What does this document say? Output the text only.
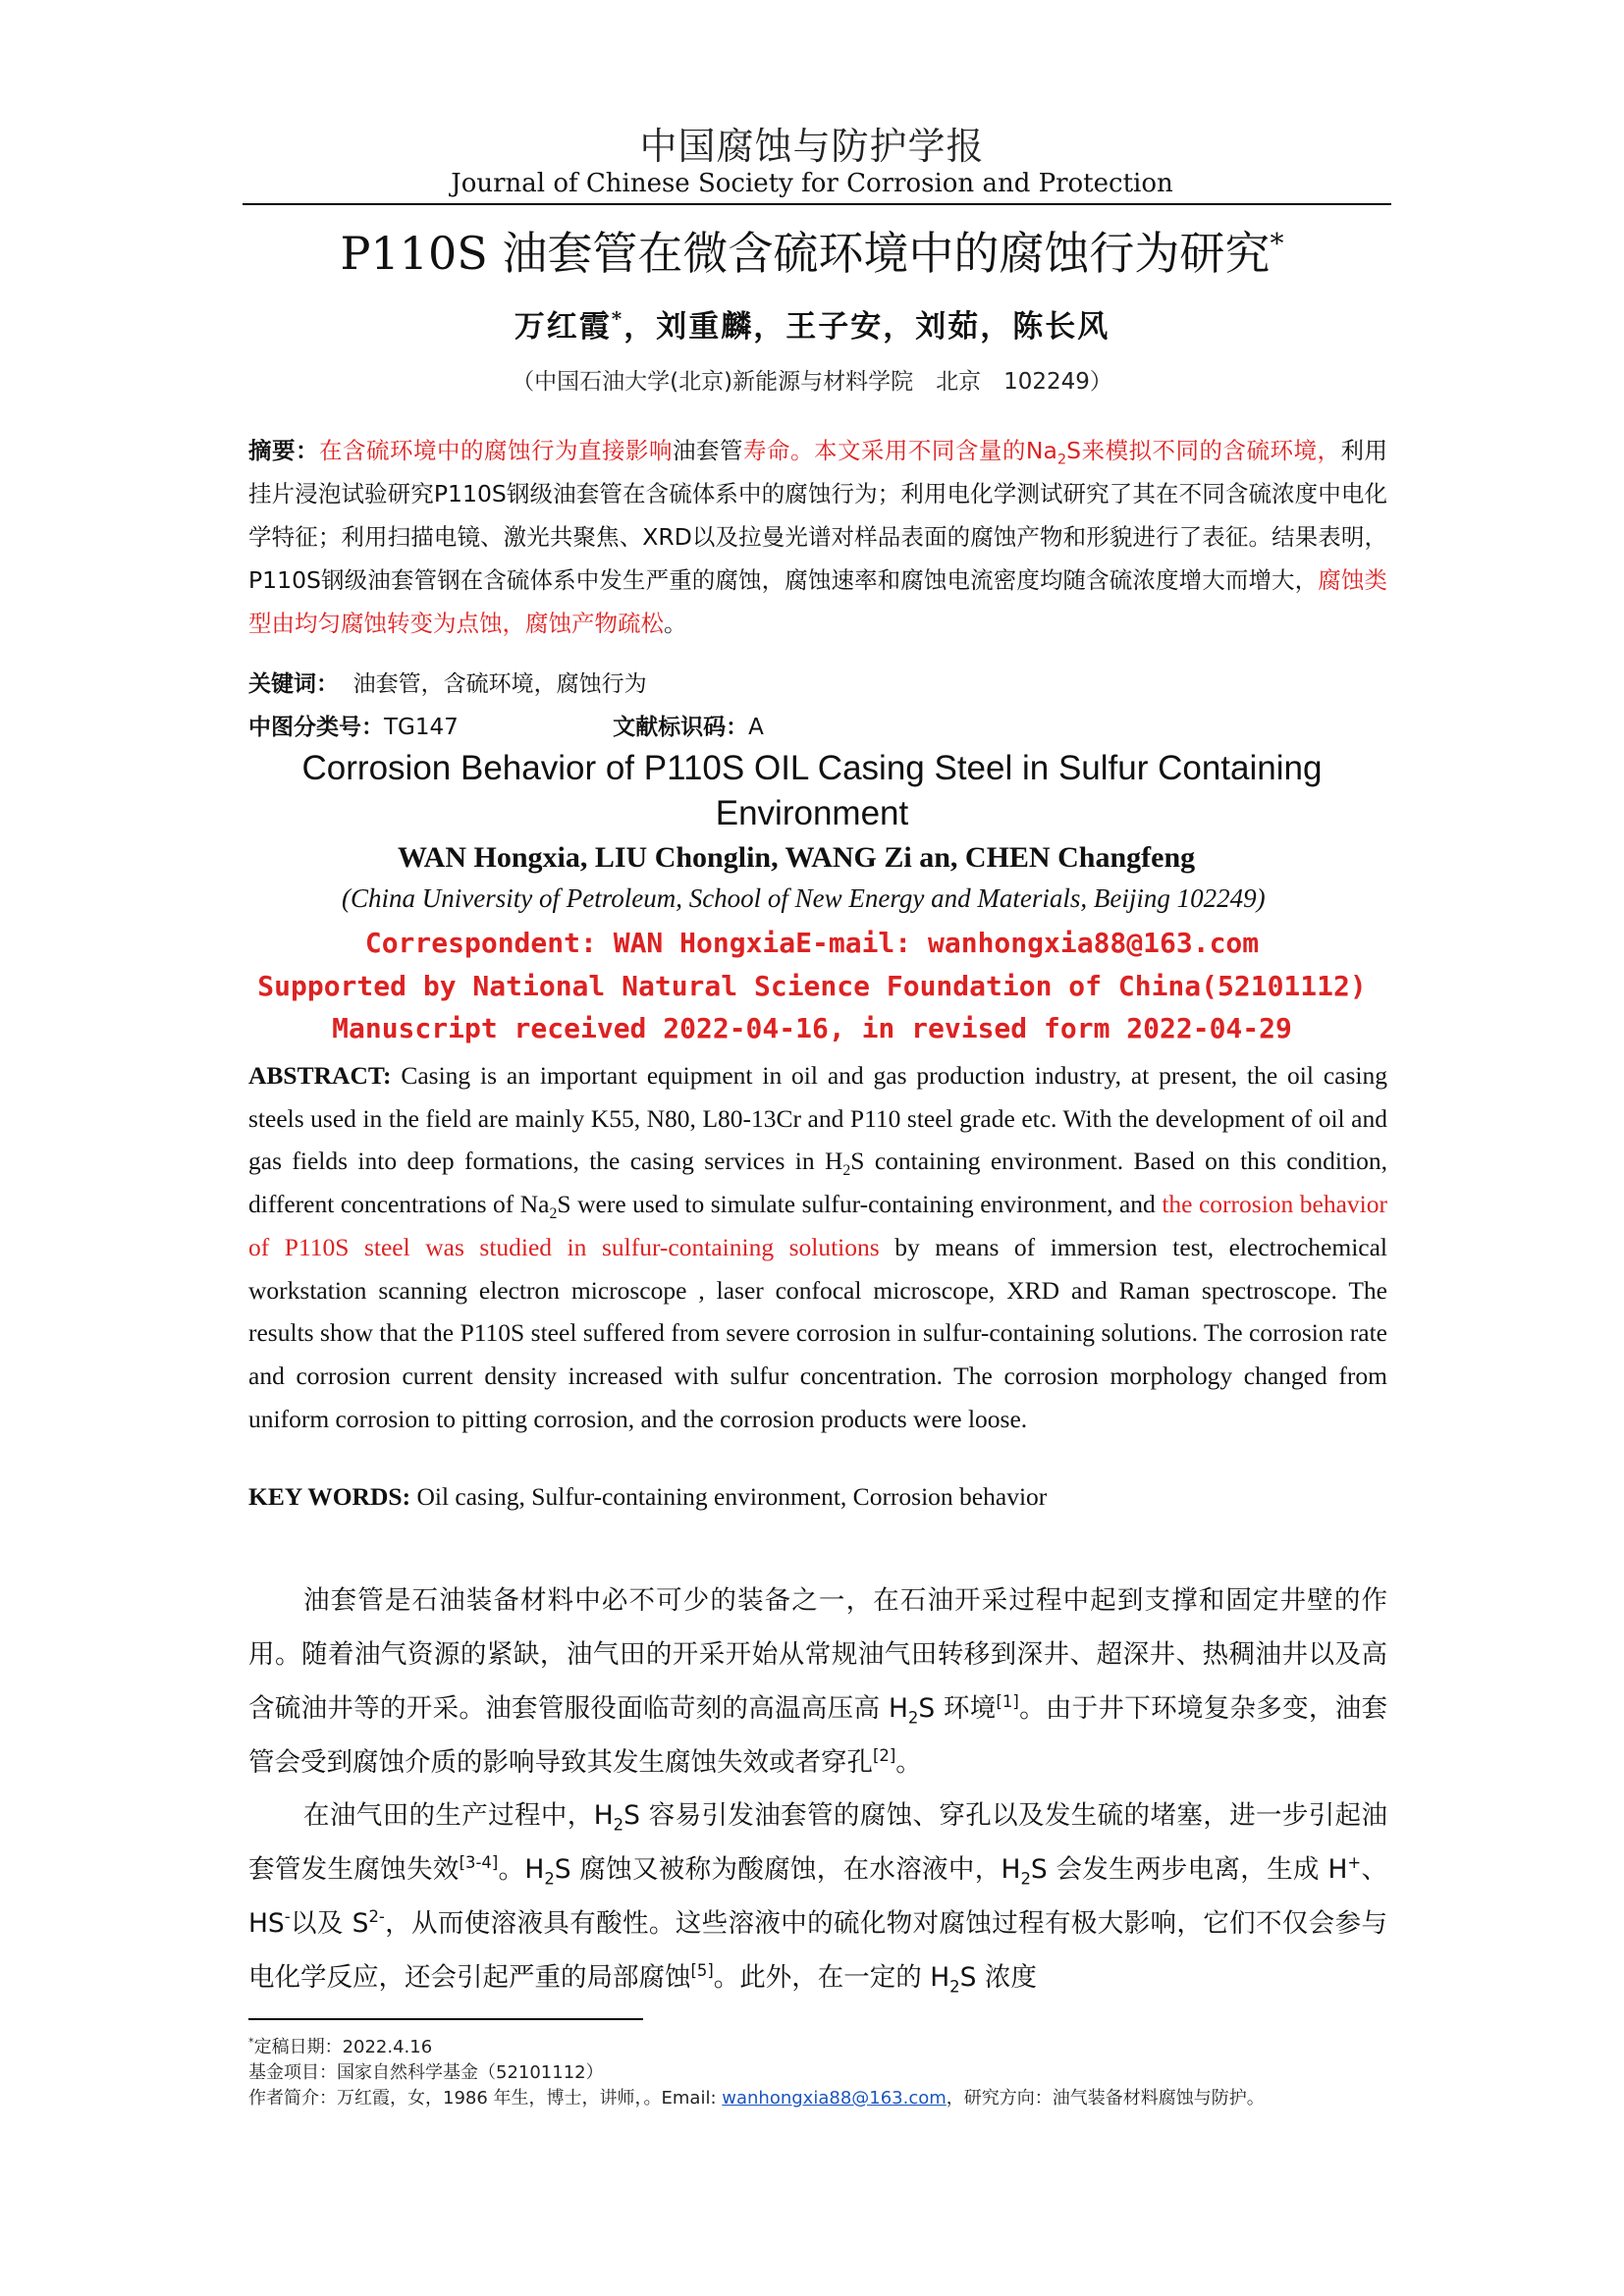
中国腐蚀与防护学报
Journal of Chinese Society for Corrosion and Protection
P110S 油套管在微含硫环境中的腐蚀行为研究*
万红霞*，刘重麟，王子安，刘茹，陈长风
（中国石油大学(北京)新能源与材料学院　北京　102249）
摘要：在含硫环境中的腐蚀行为直接影响油套管寿命。本文采用不同含量的$Na_2S$来模拟不同的含硫环境，利用挂片浸泡试验研究P110S钢级油套管在含硫体系中的腐蚀行为；利用电化学测试研究了其在不同含硫浓度中电化学特征；利用扫描电镜、激光共聚焦、XRD以及拉曼光谱对样品表面的腐蚀产物和形貌进行了表征。结果表明，P110S钢级油套管钢在含硫体系中发生严重的腐蚀，腐蚀速率和腐蚀电流密度均随含硫浓度增大而增大，腐蚀类型由均匀腐蚀转变为点蚀，腐蚀产物疏松。
关键词： 油套管，含硫环境，腐蚀行为
中图分类号：TG147	文献标识码：A
Corrosion Behavior of P110S OIL Casing Steel in Sulfur Containing
Environment
WAN Hongxia, LIU Chonglin, WANG Zi an, CHEN Changfeng
(China University of Petroleum, School of New Energy and Materials, Beijing 102249)
Correspondent: WAN HongxiaE-mail: wanhongxia88@163.com
Supported by National Natural Science Foundation of China(52101112)
Manuscript received 2022-04-16, in revised form 2022-04-29
ABSTRACT: Casing is an important equipment in oil and gas production industry, at present, the oil casing steels used in the field are mainly K55, N80, L80-13Cr and P110 steel grade etc. With the development of oil and gas fields into deep formations, the casing services in $H_2S$ containing environment. Based on this condition, different concentrations of $Na_2S$ were used to simulate sulfur-containing environment, and the corrosion behavior of P110S steel was studied in sulfur-containing solutions by means of immersion test, electrochemical workstation scanning electron microscope , laser confocal microscope, XRD and Raman spectroscope. The results show that the P110S steel suffered from severe corrosion in sulfur-containing solutions. The corrosion rate and corrosion current density increased with sulfur concentration. The corrosion morphology changed from uniform corrosion to pitting corrosion, and the corrosion products were loose.
KEY WORDS: Oil casing, Sulfur-containing environment, Corrosion behavior
油套管是石油装备材料中必不可少的装备之一，在石油开采过程中起到支撑和固定井壁的作用。随着油气资源的紧缺，油气田的开采开始从常规油气田转移到深井、超深井、热稠油井以及高含硫油井等的开采。油套管服役面临苛刻的高温高压高 $H_2S$ 环境[1]。由于井下环境复杂多变，油套管会受到腐蚀介质的影响导致其发生腐蚀失效或者穿孔[2]。
在油气田的生产过程中，$H_2S$ 容易引发油套管的腐蚀、穿孔以及发生硫的堵塞，进一步引起油套管发生腐蚀失效[3-4]。$H_2S$ 腐蚀又被称为酸腐蚀，在水溶液中，$H_2S$ 会发生两步电离，生成 H+、HS-以及 $S^{2-}$，从而使溶液具有酸性。这些溶液中的硫化物对腐蚀过程有极大影响，它们不仅会参与电化学反应，还会引起严重的局部腐蚀[5]。此外，在一定的 $H_2S$ 浓度
*定稿日期：2022.4.16
基金项目：国家自然科学基金（52101112）
作者简介：万红霞，女，1986 年生，博士，讲师，。Email: wanhongxia88@163.com，研究方向：油气装备材料腐蚀与防护。
